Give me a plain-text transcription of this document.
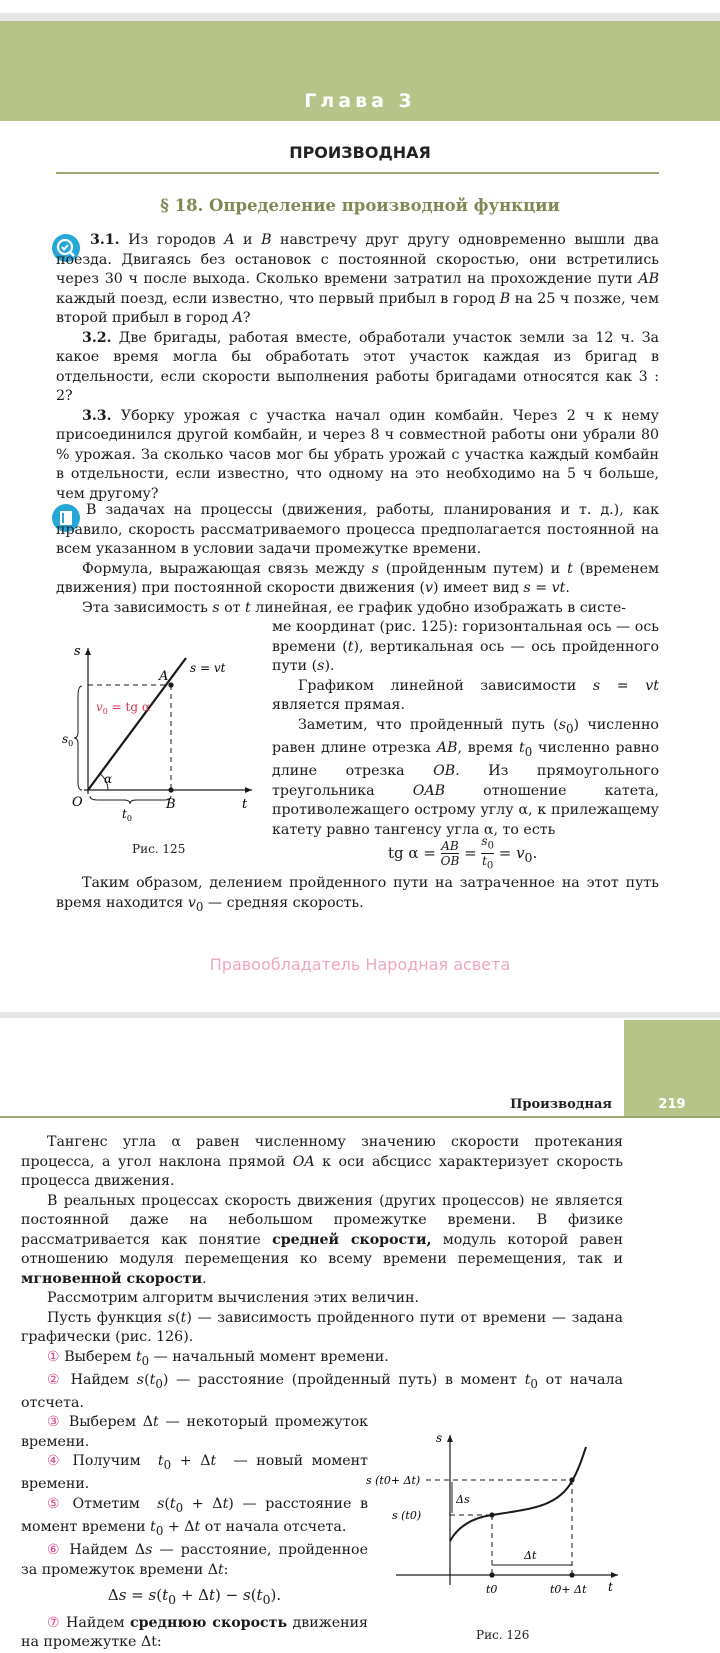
Глава 3
ПРОИЗВОДНАЯ
§ 18. Определение производной функции

3.1. Из городов A и B навстречу друг другу одновременно вышли два поезда. Двигаясь без остановок с постоянной скоростью, они встретились через 30 ч после выхода. Сколько времени затратил на прохождение пути AB каждый поезд, если известно, что первый прибыл в город B на 25 ч позже, чем второй прибыл в город A?

3.2. Две бригады, работая вместе, обработали участок земли за 12 ч. За какое время могла бы обработать этот участок каждая из бригад в отдельности, если скорости выполнения работы бригадами относятся как 3 : 2?

3.3. Уборку урожая с участка начал один комбайн. Через 2 ч к нему присоединился другой комбайн, и через 8 ч совместной работы они убрали 80 % урожая. За сколько часов мог бы убрать урожай с участка каждый комбайн в отдельности, если известно, что одному на это необходимо на 5 ч больше, чем другому?

В задачах на процессы (движения, работы, планирования и т. д.), как правило, скорость рассматриваемого процесса предполагается постоянной на всем указанном в условии задачи промежутке времени.

Формула, выражающая связь между s (пройденным путем) и t (временем движения) при постоянной скорости движения (v) имеет вид s = vt.

Эта зависимость s от t линейная, ее график удобно изображать в систе-

ме координат (рис. 125): горизонтальная ось — ось времени (t), вертикальная ось — ось пройденного пути (s).

Графиком линейной зависимости s = vt является прямая.

Заметим, что пройденный путь $(s_0)$ численно равен длине отрезка AB, время $t_0$ численно равно длине отрезка OB. Из прямоугольного треугольника OAB отношение катета, противолежащего острому углу α, к прилежащему катету равно тангенсу угла α, то есть

tg $\alpha = \frac{AB}{OB} = \frac{s_0}{t_0} = v_0$.

Таким образом, делением пройденного пути на затраченное на этот путь время находится $v_0$ — средняя скорость.

s
t
O
A
B
α
s = vt
$s_0$
$t_0$
$v_0$ = tg α
Рис. 125
Правообладатель Народная асвета
219
Производная

Тангенс угла α равен численному значению скорости протекания процесса, а угол наклона прямой OA к оси абсцисс характеризует скорость процесса движения.

В реальных процессах скорость движения (других процессов) не является постоянной даже на небольшом промежутке времени. В физике рассматривается как понятие средней скорости, модуль которой равен отношению модуля перемещения ко всему времени перемещения, так и мгновенной скорости.

Рассмотрим алгоритм вычисления этих величин.

Пусть функция s(t) — зависимость пройденного пути от времени — задана графически (рис. 126).

① Выберем $t_0$ — начальный момент времени.

② Найдем $s(t_0)$ — расстояние (пройденный путь) в момент $t_0$ от начала отсчета.

③ Выберем Δt — некоторый промежуток времени.

④ Получим  $t_0 + \Delta t$  — новый момент времени.

⑤ Отметим  $s(t_0 + \Delta t)$ — расстояние в момент времени $t_0 + \Delta t$ от начала отсчета.

⑥ Найдем Δs — расстояние, пройденное за промежуток времени Δt:

$\Delta s = s(t_0 + \Delta t) - s(t_0)$.

⑦ Найдем среднюю скорость движения на промежутке Δt:

s
t
s (t0+ Δt)
s (t0)
Δs
Δt
t0	t0+ Δt
Рис. 126
